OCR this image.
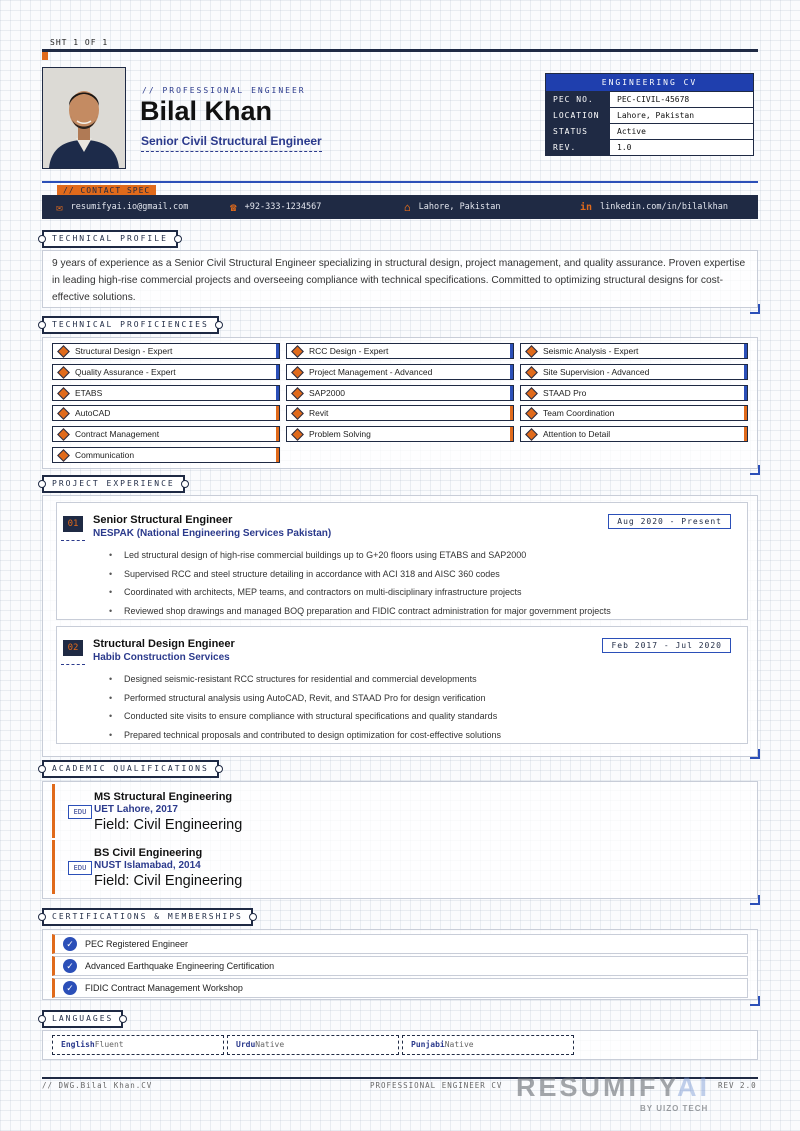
SHT 1 OF 1
// PROFESSIONAL ENGINEER
Bilal Khan
Senior Civil Structural Engineer
ENGINEERING CV
PEC NO.	PEC-CIVIL-45678
LOCATION	Lahore, Pakistan
STATUS	Active
REV.	1.0
// CONTACT SPEC
✉ resumifyai.io@gmail.com	☎ +92-333-1234567	⌂ Lahore, Pakistan	in linkedin.com/in/bilalkhan
TECHNICAL PROFILE
9 years of experience as a Senior Civil Structural Engineer specializing in structural design, project management, and quality assurance. Proven expertise in leading high-rise commercial projects and overseeing compliance with technical specifications. Committed to optimizing structural designs for cost-effective solutions.
TECHNICAL PROFICIENCIES
Structural Design - Expert	RCC Design - Expert	Seismic Analysis - Expert
Quality Assurance - Expert	Project Management - Advanced	Site Supervision - Advanced
ETABS	SAP2000	STAAD Pro
AutoCAD	Revit	Team Coordination
Contract Management	Problem Solving	Attention to Detail
Communication
PROJECT EXPERIENCE
01	Senior Structural Engineer
NESPAK (National Engineering Services Pakistan)
Aug 2020 - Present
• Led structural design of high-rise commercial buildings up to G+20 floors using ETABS and SAP2000
• Supervised RCC and steel structure detailing in accordance with ACI 318 and AISC 360 codes
• Coordinated with architects, MEP teams, and contractors on multi-disciplinary infrastructure projects
• Reviewed shop drawings and managed BOQ preparation and FIDIC contract administration for major government projects
02	Structural Design Engineer
Habib Construction Services
Feb 2017 - Jul 2020
• Designed seismic-resistant RCC structures for residential and commercial developments
• Performed structural analysis using AutoCAD, Revit, and STAAD Pro for design verification
• Conducted site visits to ensure compliance with structural specifications and quality standards
• Prepared technical proposals and contributed to design optimization for cost-effective solutions
ACADEMIC QUALIFICATIONS
EDU
MS Structural Engineering
UET Lahore, 2017
Field: Civil Engineering
EDU
BS Civil Engineering
NUST Islamabad, 2014
Field: Civil Engineering
CERTIFICATIONS & MEMBERSHIPS
✓	PEC Registered Engineer
✓	Advanced Earthquake Engineering Certification
✓	FIDIC Contract Management Workshop
LANGUAGES
EnglishFluent	UrduNative	PunjabiNative
// DWG.Bilal Khan.CV	PROFESSIONAL ENGINEER CV	REV 2.0
RESUMIFYAI
BY UIZO TECH
